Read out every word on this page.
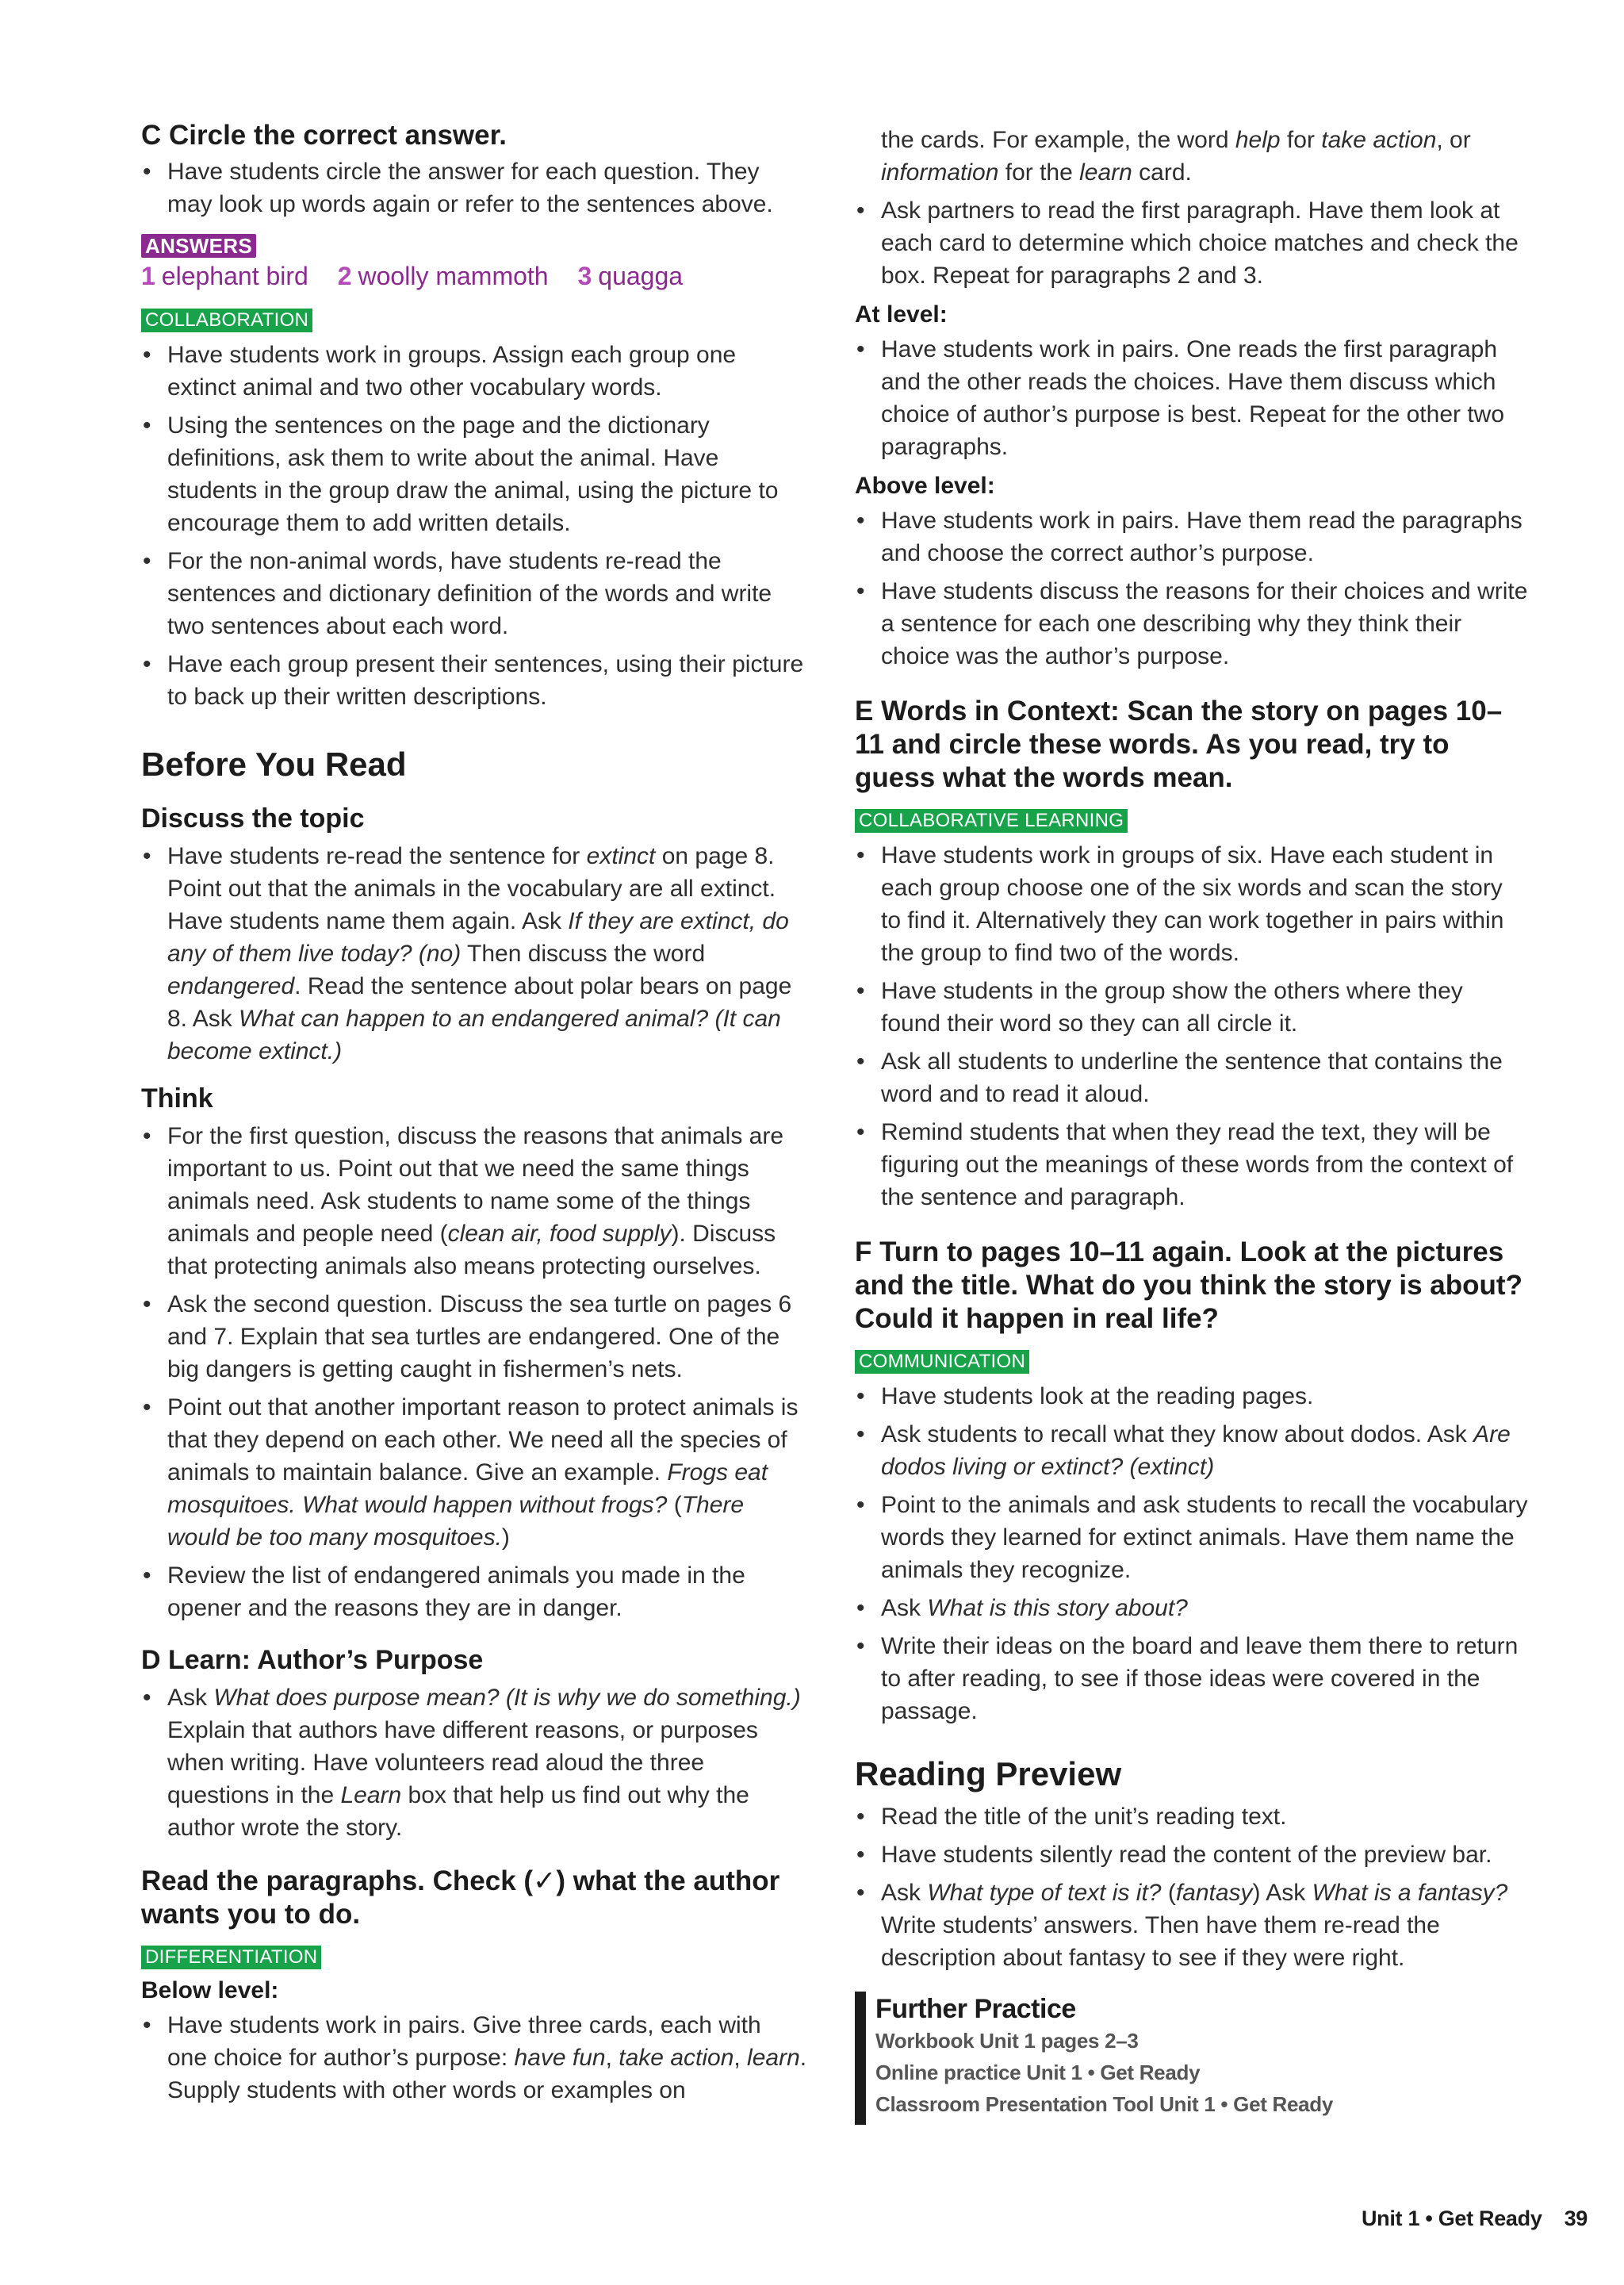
C Circle the correct answer.
• Have students circle the answer for each question. They may look up words again or refer to the sentences above.
ANSWERS
1 elephant bird 2 woolly mammoth 3 quagga
COLLABORATION
• Have students work in groups. Assign each group one extinct animal and two other vocabulary words.
• Using the sentences on the page and the dictionary definitions, ask them to write about the animal. Have students in the group draw the animal, using the picture to encourage them to add written details.
• For the non-animal words, have students re-read the sentences and dictionary definition of the words and write two sentences about each word.
• Have each group present their sentences, using their picture to back up their written descriptions.
Before You Read
Discuss the topic
• Have students re-read the sentence for extinct on page 8. Point out that the animals in the vocabulary are all extinct. Have students name them again. Ask If they are extinct, do any of them live today? (no) Then discuss the word endangered. Read the sentence about polar bears on page 8. Ask What can happen to an endangered animal? (It can become extinct.)
Think
• For the first question, discuss the reasons that animals are important to us. Point out that we need the same things animals need. Ask students to name some of the things animals and people need (clean air, food supply). Discuss that protecting animals also means protecting ourselves.
• Ask the second question. Discuss the sea turtle on pages 6 and 7. Explain that sea turtles are endangered. One of the big dangers is getting caught in fishermen’s nets.
• Point out that another important reason to protect animals is that they depend on each other. We need all the species of animals to maintain balance. Give an example. Frogs eat mosquitoes. What would happen without frogs? (There would be too many mosquitoes.)
• Review the list of endangered animals you made in the opener and the reasons they are in danger.
D Learn: Author’s Purpose
• Ask What does purpose mean? (It is why we do something.) Explain that authors have different reasons, or purposes when writing. Have volunteers read aloud the three questions in the Learn box that help us find out why the author wrote the story.
Read the paragraphs. Check (✓) what the author wants you to do.
DIFFERENTIATION
Below level:
• Have students work in pairs. Give three cards, each with one choice for author’s purpose: have fun, take action, learn. Supply students with other words or examples on

the cards. For example, the word help for take action, or information for the learn card.

• Ask partners to read the first paragraph. Have them look at each card to determine which choice matches and check the box. Repeat for paragraphs 2 and 3.
At level:
• Have students work in pairs. One reads the first paragraph and the other reads the choices. Have them discuss which choice of author’s purpose is best. Repeat for the other two paragraphs.
Above level:
• Have students work in pairs. Have them read the paragraphs and choose the correct author’s purpose.
• Have students discuss the reasons for their choices and write a sentence for each one describing why they think their choice was the author’s purpose.
E Words in Context: Scan the story on pages 10–11 and circle these words. As you read, try to guess what the words mean.
COLLABORATIVE LEARNING
• Have students work in groups of six. Have each student in each group choose one of the six words and scan the story to find it. Alternatively they can work together in pairs within the group to find two of the words.
• Have students in the group show the others where they found their word so they can all circle it.
• Ask all students to underline the sentence that contains the word and to read it aloud.
• Remind students that when they read the text, they will be figuring out the meanings of these words from the context of the sentence and paragraph.
F Turn to pages 10–11 again. Look at the pictures and the title. What do you think the story is about? Could it happen in real life?
COMMUNICATION
• Have students look at the reading pages.
• Ask students to recall what they know about dodos. Ask Are dodos living or extinct? (extinct)
• Point to the animals and ask students to recall the vocabulary words they learned for extinct animals. Have them name the animals they recognize.
• Ask What is this story about?
• Write their ideas on the board and leave them there to return to after reading, to see if those ideas were covered in the passage.
Reading Preview
• Read the title of the unit’s reading text.
• Have students silently read the content of the preview bar.
• Ask What type of text is it? (fantasy) Ask What is a fantasy? Write students’ answers. Then have them re-read the description about fantasy to see if they were right.
Further Practice
Workbook Unit 1 pages 2–3
Online practice Unit 1 • Get Ready
Classroom Presentation Tool Unit 1 • Get Ready
Unit 1 • Get Ready 39
